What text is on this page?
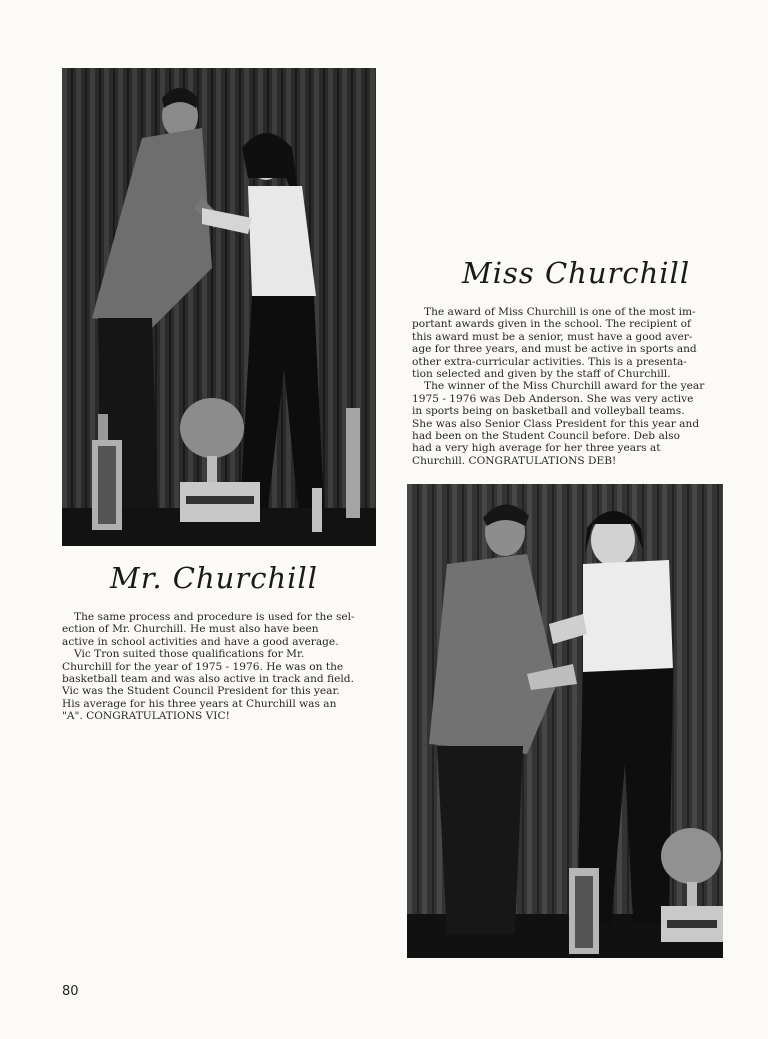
Miss Churchill
The award of Miss Churchill is one of the most im-
portant awards given in the school. The recipient of
this award must be a senior, must have a good aver-
age for three years, and must be active in sports and
other extra-curricular activities. This is a presenta-
tion selected and given by the staff of Churchill.
The winner of the Miss Churchill award for the year
1975 - 1976 was Deb Anderson. She was very active
in sports being on basketball and volleyball teams.
She was also Senior Class President for this year and
had been on the Student Council before. Deb also
had a very high average for her three years at
Churchill. CONGRATULATIONS DEB!
Mr. Churchill
The same process and procedure is used for the sel-
ection of Mr. Churchill. He must also have been
active in school activities and have a good average.
Vic Tron suited those qualifications for Mr.
Churchill for the year of 1975 - 1976. He was on the
basketball team and was also active in track and field.
Vic was the Student Council President for this year.
His average for his three years at Churchill was an
"A". CONGRATULATIONS VIC!
80
